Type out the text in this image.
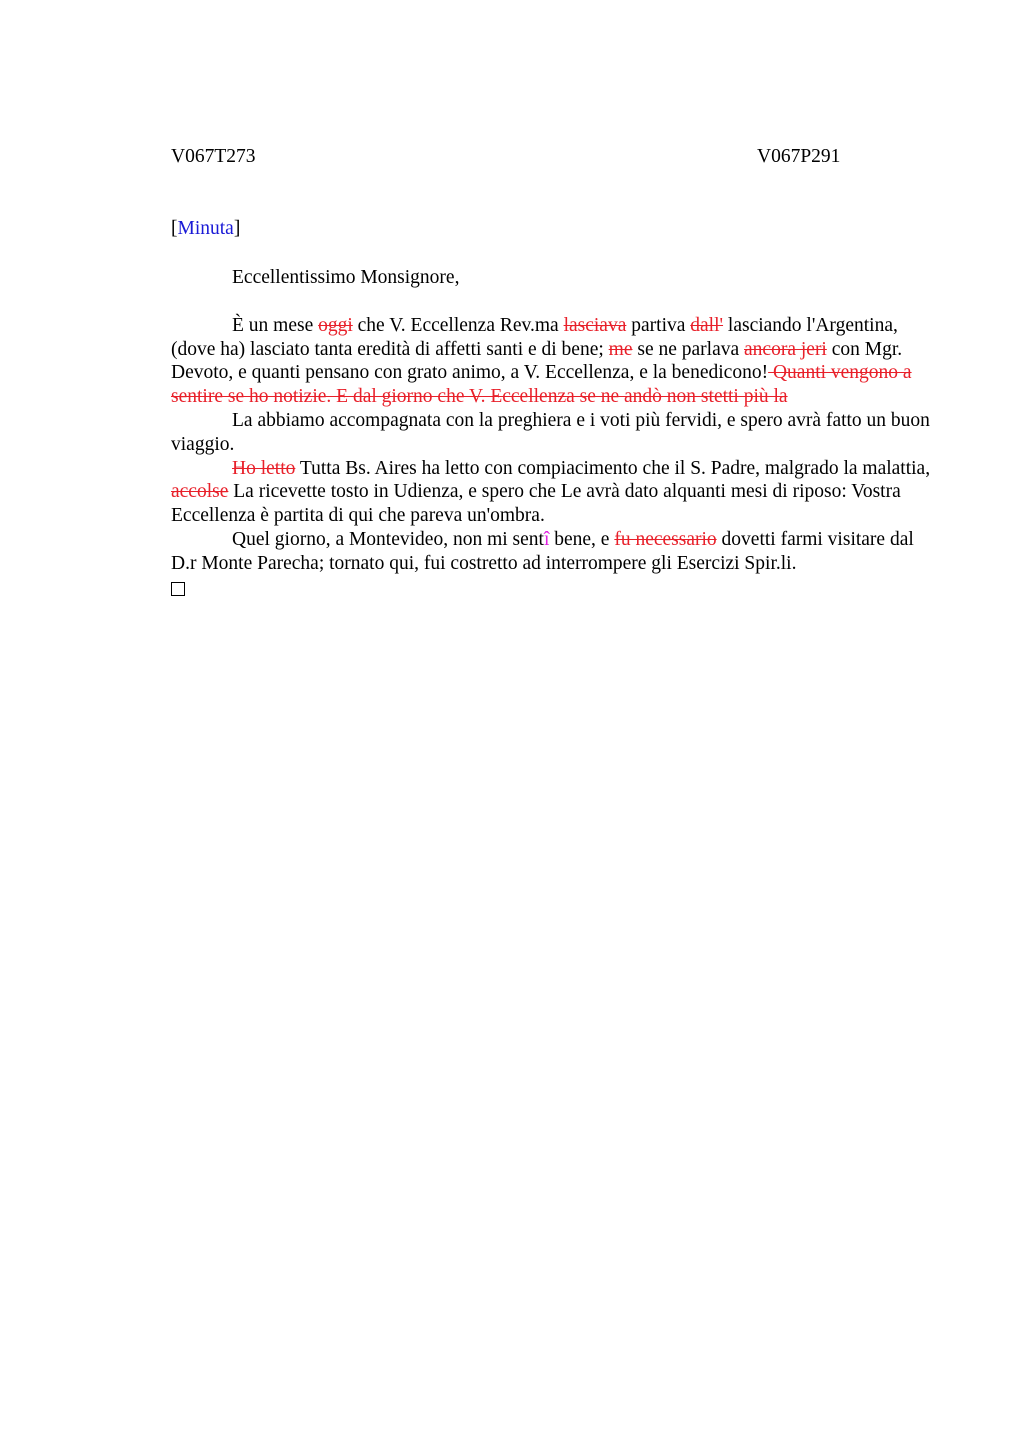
V067T273	V067P291
[Minuta]

Eccellentissimo Monsignore,

È un mese oggi che V. Eccellenza Rev.ma lasciava partiva dall' lasciando l'Argentina, (dove ha) lasciato tanta eredità di affetti santi e di bene; me se ne parlava ancora jeri con Mgr. Devoto, e quanti pensano con grato animo, a V. Eccellenza, e la benedicono! Quanti vengono a sentire se ho notizie. E dal giorno che V. Eccellenza se ne andò non stetti più la

La abbiamo accompagnata con la preghiera e i voti più fervidi, e spero avrà fatto un buon viaggio.

Ho letto Tutta Bs. Aires ha letto con compiacimento che il S. Padre, malgrado la malattia, accolse La ricevette tosto in Udienza, e spero che Le avrà dato alquanti mesi di riposo: Vostra Eccellenza è partita di qui che pareva un'ombra.

Quel giorno, a Montevideo, non mi sentî bene, e fu necessario dovetti farmi visitare dal D.r Monte Parecha; tornato qui, fui costretto ad interrompere gli Esercizi Spir.li.
